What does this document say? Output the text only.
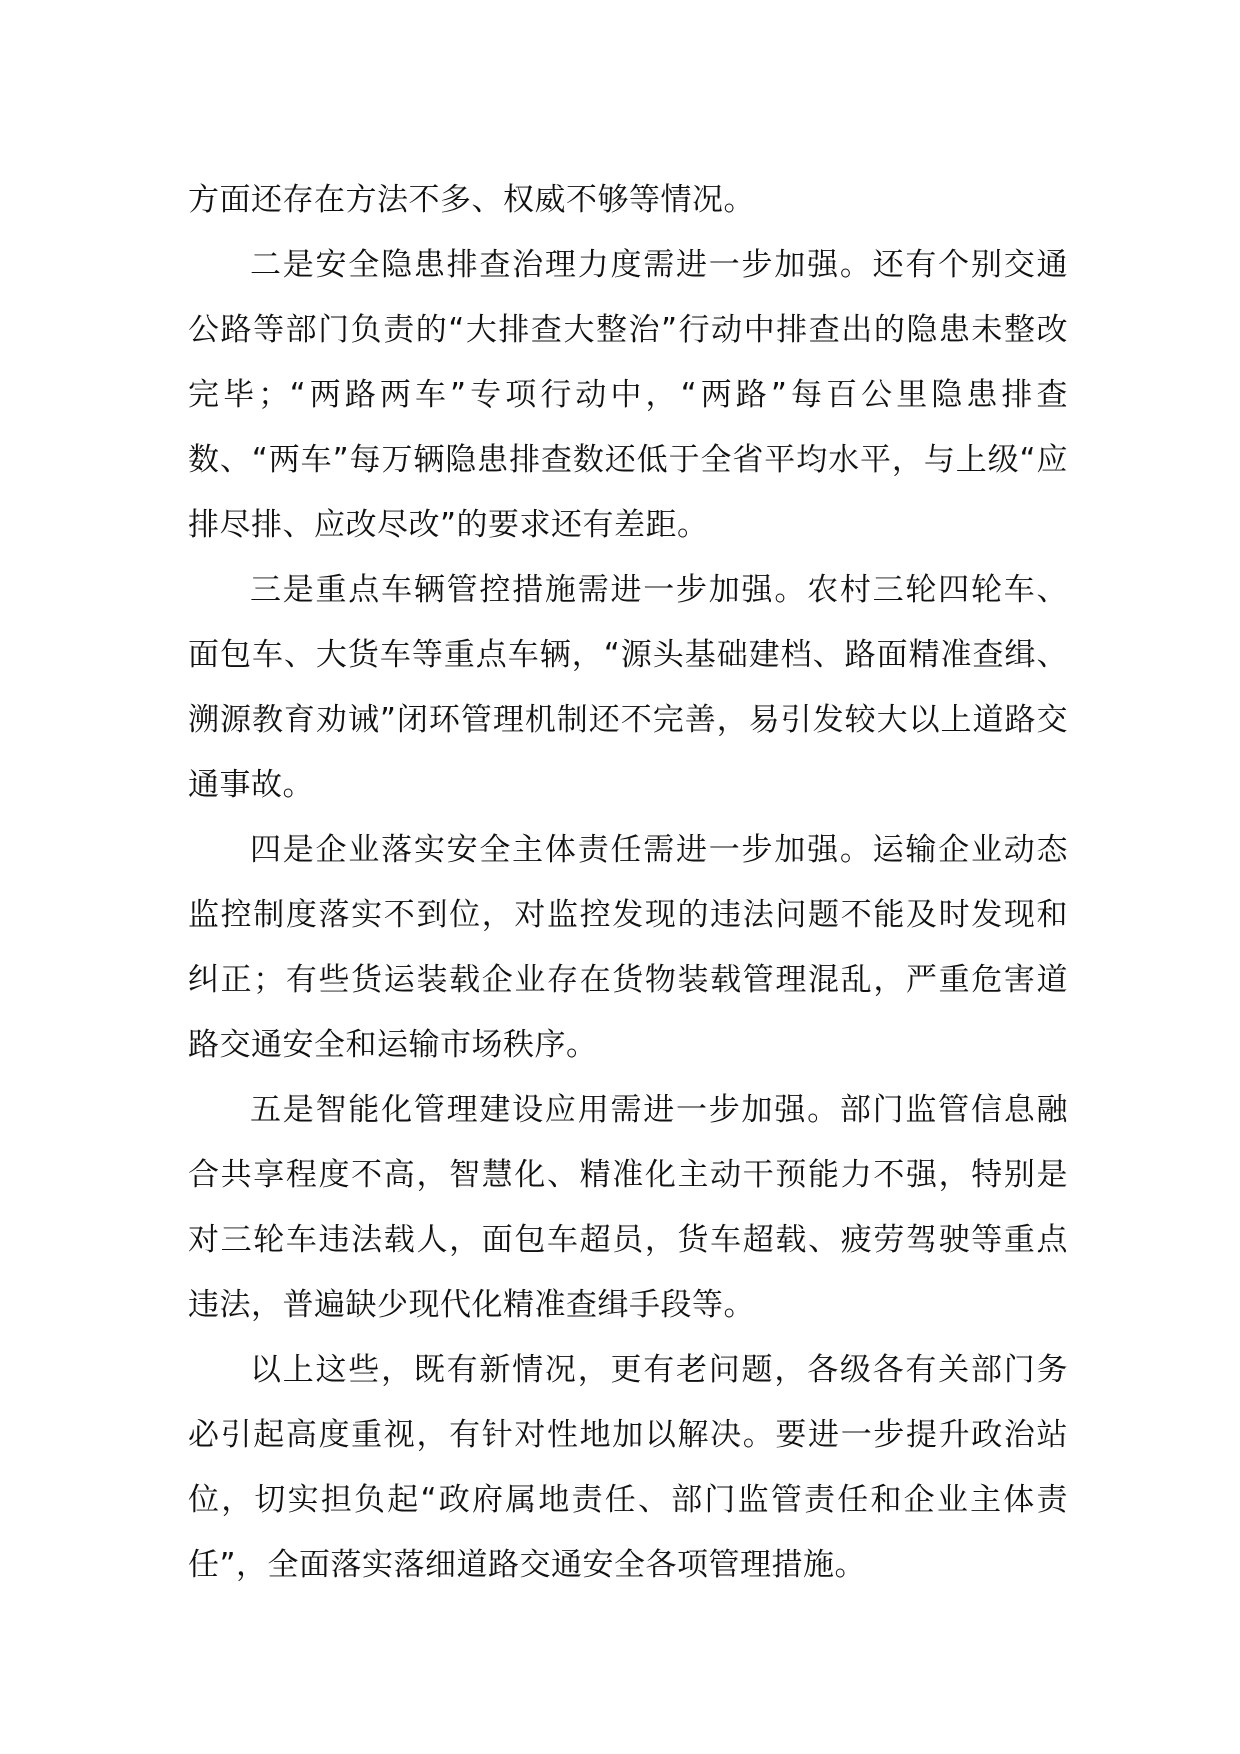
方面还存在方法不多、权威不够等情况。

二是安全隐患排查治理力度需进一步加强。还有个别交通公路等部门负责的“大排查大整治”行动中排查出的隐患未整改完毕；“两路两车”专项行动中，“两路”每百公里隐患排查数、“两车”每万辆隐患排查数还低于全省平均水平，与上级“应排尽排、应改尽改”的要求还有差距。

三是重点车辆管控措施需进一步加强。农村三轮四轮车、面包车、大货车等重点车辆，“源头基础建档、路面精准查缉、溯源教育劝诫”闭环管理机制还不完善，易引发较大以上道路交通事故。

四是企业落实安全主体责任需进一步加强。运输企业动态监控制度落实不到位，对监控发现的违法问题不能及时发现和纠正；有些货运装载企业存在货物装载管理混乱，严重危害道路交通安全和运输市场秩序。

五是智能化管理建设应用需进一步加强。部门监管信息融合共享程度不高，智慧化、精准化主动干预能力不强，特别是对三轮车违法载人，面包车超员，货车超载、疲劳驾驶等重点违法，普遍缺少现代化精准查缉手段等。

以上这些，既有新情况，更有老问题，各级各有关部门务必引起高度重视，有针对性地加以解决。要进一步提升政治站位，切实担负起“政府属地责任、部门监管责任和企业主体责任”，全面落实落细道路交通安全各项管理措施。
